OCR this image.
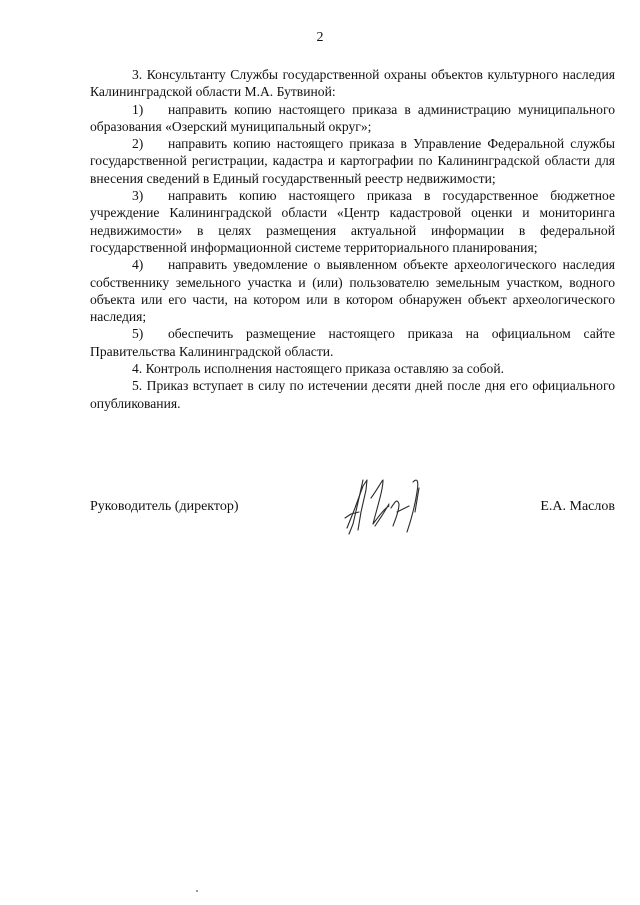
2

3. Консультанту Службы государственной охраны объектов культурного наследия Калининградской области М.А. Бутвиной:

1) направить копию настоящего приказа в администрацию муниципального образования «Озерский муниципальный округ»;

2) направить копию настоящего приказа в Управление Федеральной службы государственной регистрации, кадастра и картографии по Калининградской области для внесения сведений в Единый государственный реестр недвижимости;

3) направить копию настоящего приказа в государственное бюджетное учреждение Калининградской области «Центр кадастровой оценки и мониторинга недвижимости» в целях размещения актуальной информации в федеральной государственной информационной системе территориального планирования;

4) направить уведомление о выявленном объекте археологического наследия собственнику земельного участка и (или) пользователю земельным участком, водного объекта или его части, на котором или в котором обнаружен объект археологического наследия;

5) обеспечить размещение настоящего приказа на официальном сайте Правительства Калининградской области.

4. Контроль исполнения настоящего приказа оставляю за собой.

5. Приказ вступает в силу по истечении десяти дней после дня его официального опубликования.

Руководитель (директор)	Е.А. Маслов
